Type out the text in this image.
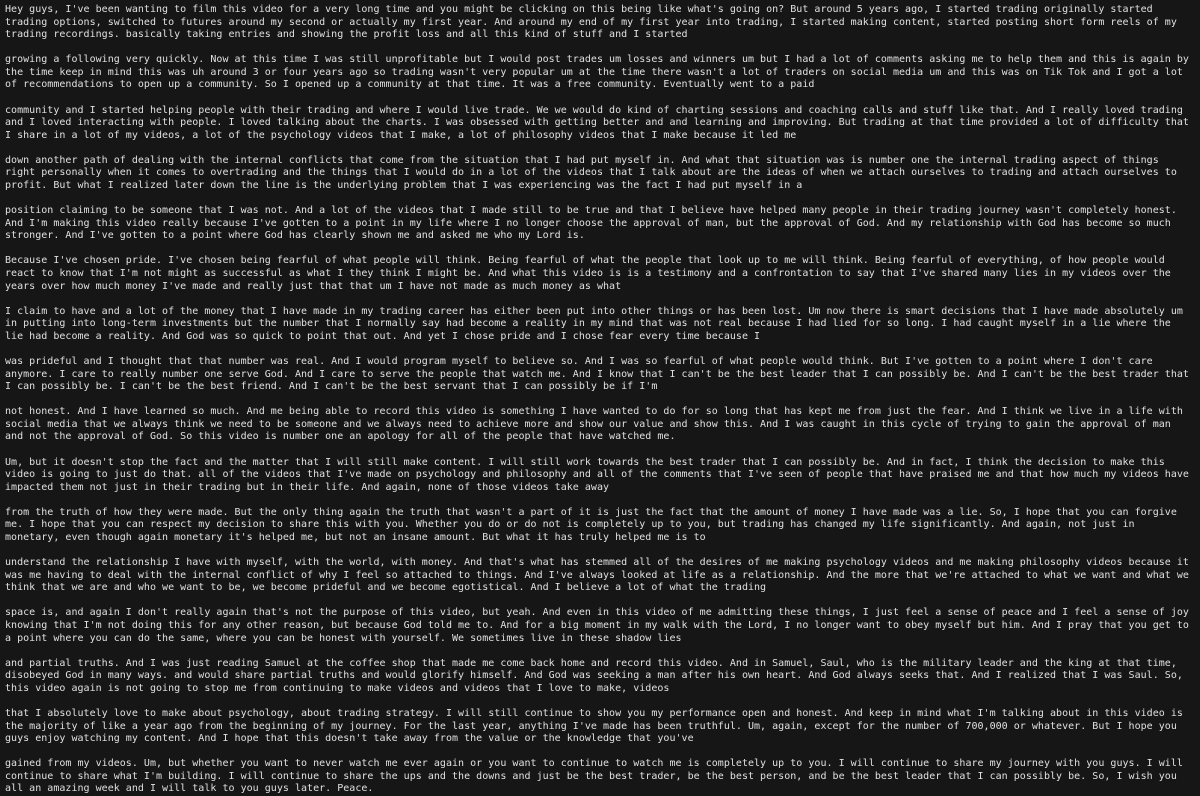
Hey guys, I've been wanting to film this video for a very long time and you might be clicking on this being like what's going on? But around 5 years ago, I started trading originally started trading options, switched to futures around my second or actually my first year. And around my end of my first year into trading, I started making content, started posting short form reels of my trading recordings. basically taking entries and showing the profit loss and all this kind of stuff and I started

growing a following very quickly. Now at this time I was still unprofitable but I would post trades um losses and winners um but I had a lot of comments asking me to help them and this is again by the time keep in mind this was uh around 3 or four years ago so trading wasn't very popular um at the time there wasn't a lot of traders on social media um and this was on Tik Tok and I got a lot of recommendations to open up a community. So I opened up a community at that time. It was a free community. Eventually went to a paid

community and I started helping people with their trading and where I would live trade. We we would do kind of charting sessions and coaching calls and stuff like that. And I really loved trading and I loved interacting with people. I loved talking about the charts. I was obsessed with getting better and and learning and improving. But trading at that time provided a lot of difficulty that I share in a lot of my videos, a lot of the psychology videos that I make, a lot of philosophy videos that I make because it led me

down another path of dealing with the internal conflicts that come from the situation that I had put myself in. And what that situation was is number one the internal trading aspect of things right personally when it comes to overtrading and the things that I would do in a lot of the videos that I talk about are the ideas of when we attach ourselves to trading and attach ourselves to profit. But what I realized later down the line is the underlying problem that I was experiencing was the fact I had put myself in a

position claiming to be someone that I was not. And a lot of the videos that I made still to be true and that I believe have helped many people in their trading journey wasn't completely honest. And I'm making this video really because I've gotten to a point in my life where I no longer choose the approval of man, but the approval of God. And my relationship with God has become so much stronger. And I've gotten to a point where God has clearly shown me and asked me who my Lord is.

Because I've chosen pride. I've chosen being fearful of what people will think. Being fearful of what the people that look up to me will think. Being fearful of everything, of how people would react to know that I'm not might as successful as what I they think I might be. And what this video is is a testimony and a confrontation to say that I've shared many lies in my videos over the years over how much money I've made and really just that that um I have not made as much money as what

I claim to have and a lot of the money that I have made in my trading career has either been put into other things or has been lost. Um now there is smart decisions that I have made absolutely um in putting into long-term investments but the number that I normally say had become a reality in my mind that was not real because I had lied for so long. I had caught myself in a lie where the lie had become a reality. And God was so quick to point that out. And yet I chose pride and I chose fear every time because I

was prideful and I thought that that number was real. And I would program myself to believe so. And I was so fearful of what people would think. But I've gotten to a point where I don't care anymore. I care to really number one serve God. And I care to serve the people that watch me. And I know that I can't be the best leader that I can possibly be. And I can't be the best trader that I can possibly be. I can't be the best friend. And I can't be the best servant that I can possibly be if I'm

not honest. And I have learned so much. And me being able to record this video is something I have wanted to do for so long that has kept me from just the fear. And I think we live in a life with social media that we always think we need to be someone and we always need to achieve more and show our value and show this. And I was caught in this cycle of trying to gain the approval of man and not the approval of God. So this video is number one an apology for all of the people that have watched me.

Um, but it doesn't stop the fact and the matter that I will still make content. I will still work towards the best trader that I can possibly be. And in fact, I think the decision to make this video is going to just do that. all of the videos that I've made on psychology and philosophy and all of the comments that I've seen of people that have praised me and that how much my videos have impacted them not just in their trading but in their life. And again, none of those videos take away

from the truth of how they were made. But the only thing again the truth that wasn't a part of it is just the fact that the amount of money I have made was a lie. So, I hope that you can forgive me. I hope that you can respect my decision to share this with you. Whether you do or do not is completely up to you, but trading has changed my life significantly. And again, not just in monetary, even though again monetary it's helped me, but not an insane amount. But what it has truly helped me is to

understand the relationship I have with myself, with the world, with money. And that's what has stemmed all of the desires of me making psychology videos and me making philosophy videos because it was me having to deal with the internal conflict of why I feel so attached to things. And I've always looked at life as a relationship. And the more that we're attached to what we want and what we think that we are and who we want to be, we become prideful and we become egotistical. And I believe a lot of what the trading

space is, and again I don't really again that's not the purpose of this video, but yeah. And even in this video of me admitting these things, I just feel a sense of peace and I feel a sense of joy knowing that I'm not doing this for any other reason, but because God told me to. And for a big moment in my walk with the Lord, I no longer want to obey myself but him. And I pray that you get to a point where you can do the same, where you can be honest with yourself. We sometimes live in these shadow lies

and partial truths. And I was just reading Samuel at the coffee shop that made me come back home and record this video. And in Samuel, Saul, who is the military leader and the king at that time, disobeyed God in many ways. and would share partial truths and would glorify himself. And God was seeking a man after his own heart. And God always seeks that. And I realized that I was Saul. So, this video again is not going to stop me from continuing to make videos and videos that I love to make, videos

that I absolutely love to make about psychology, about trading strategy. I will still continue to show you my performance open and honest. And keep in mind what I'm talking about in this video is the majority of like a year ago from the beginning of my journey. For the last year, anything I've made has been truthful. Um, again, except for the number of 700,000 or whatever. But I hope you guys enjoy watching my content. And I hope that this doesn't take away from the value or the knowledge that you've

gained from my videos. Um, but whether you want to never watch me ever again or you want to continue to watch me is completely up to you. I will continue to share my journey with you guys. I will continue to share what I'm building. I will continue to share the ups and the downs and just be the best trader, be the best person, and be the best leader that I can possibly be. So, I wish you all an amazing week and I will talk to you guys later. Peace.
